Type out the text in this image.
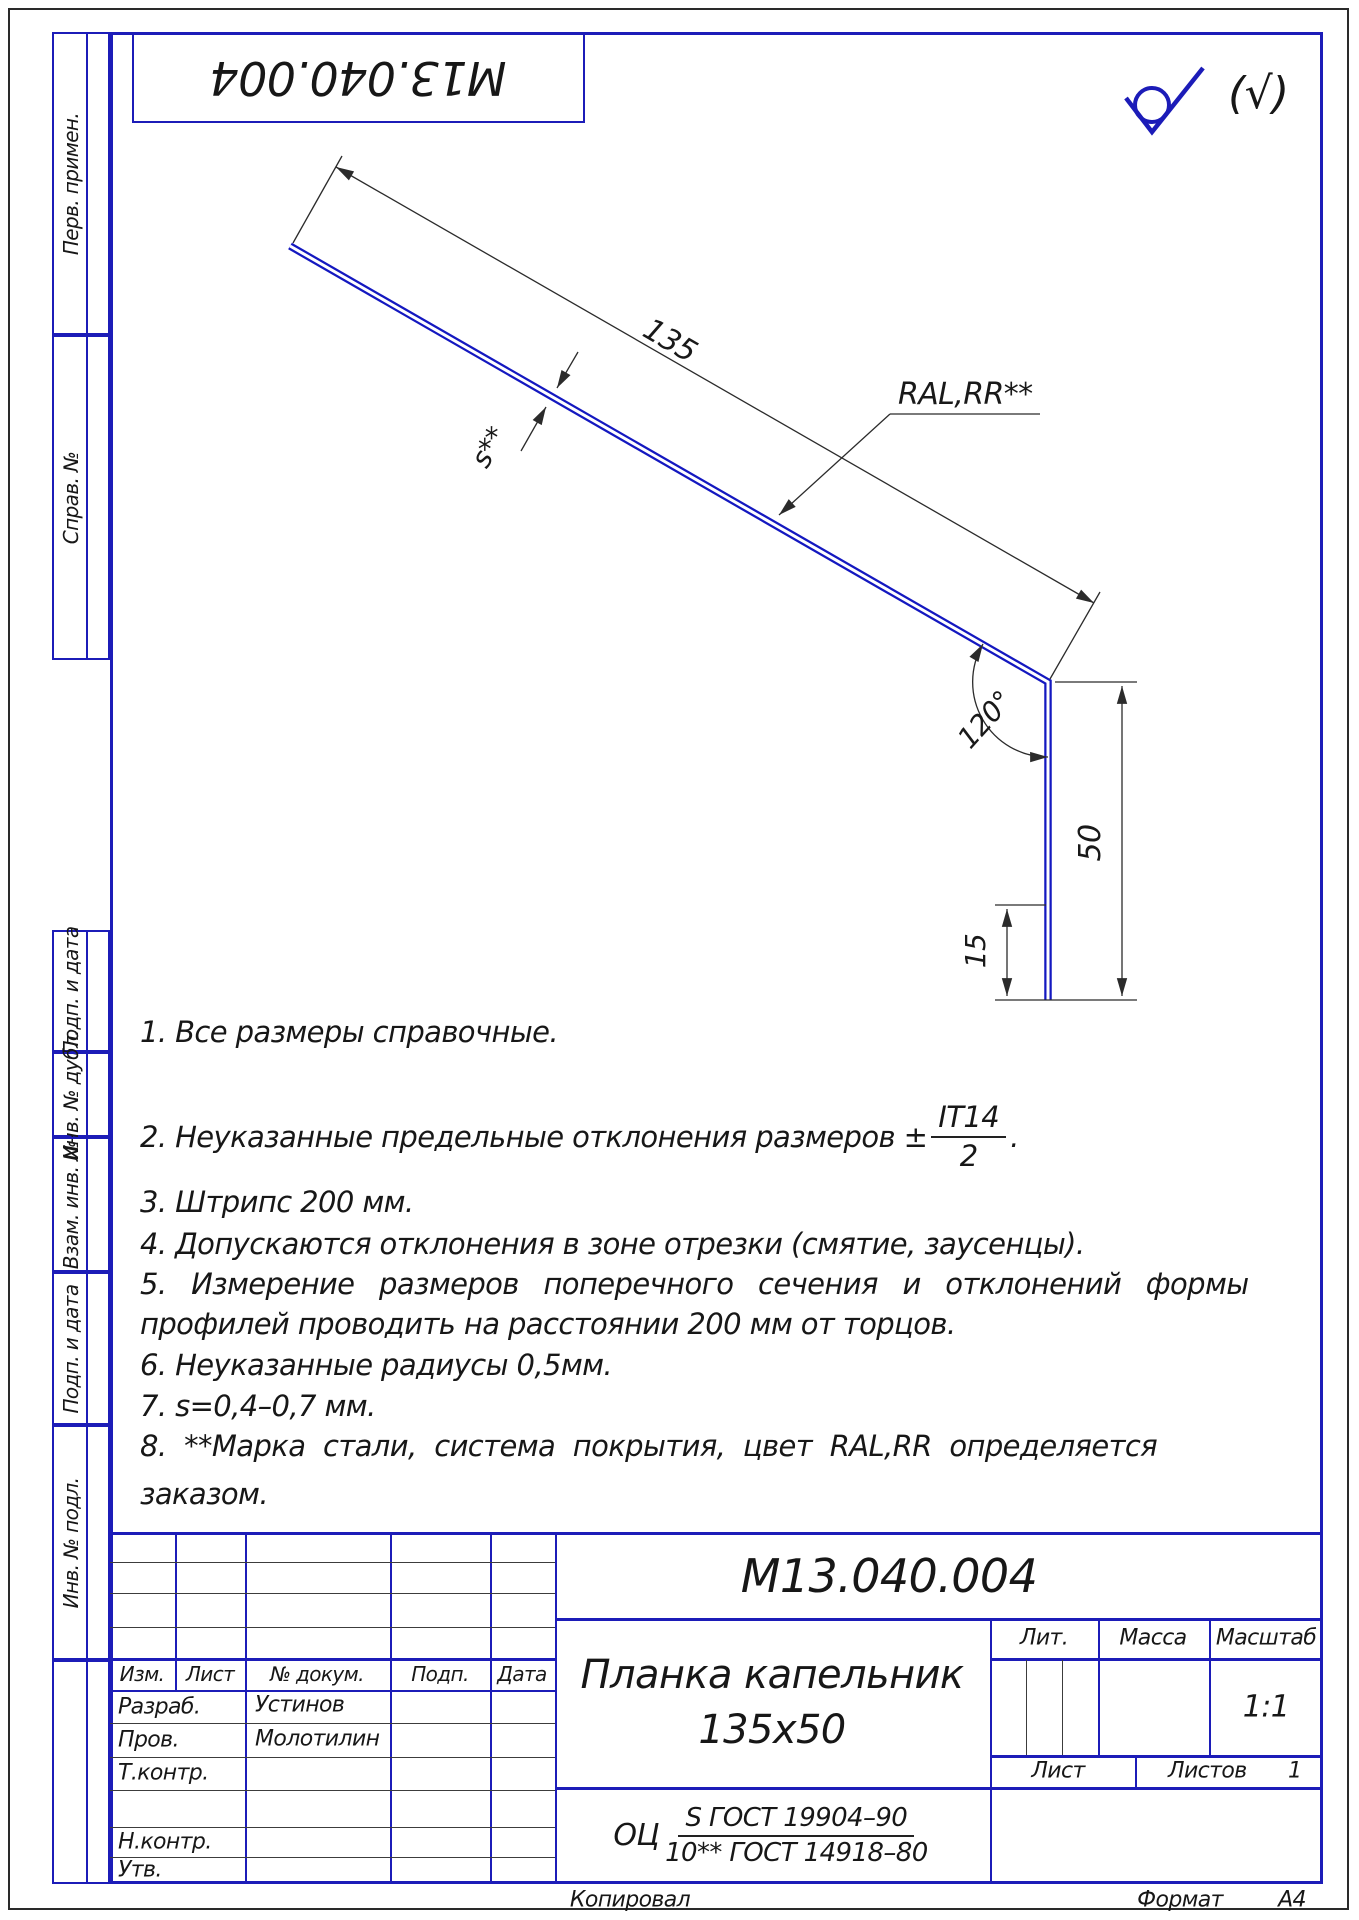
М13.040.004	(√)
Перв. примен.
Справ. №
Подп. и дата
Инв. № дубл.
Взам. инв. №
Подп. и дата
Инв. № подл.
135
s**
RAL,RR**
120°
50
15
1. Все размеры справочные.
2. Неуказанные предельные отклонения размеров ± $\frac{IT14}{2}$ .
3. Штрипс 200 мм.
4. Допускаются отклонения в зоне отрезки (смятие, заусенцы).
5. Измерение размеров поперечного сечения и отклонений формы
профилей проводить на расстоянии 200 мм от торцов.
6. Неуказанные радиусы 0,5мм.
7. s=0,4–0,7 мм.
8. **Марка стали, система покрытия, цвет RAL,RR определяется
заказом.
Изм. Лист № докум. Подп. Дата
Разраб. Устинов
Пров.	Молотилин
Т.контр.
Н.контр.
Утв.
М13.040.004
Планка капельник
135х50
Лит. Масса Масштаб
1:1
Лист	Листов 1
ОЦ $\frac{\text{S ГОСТ 19904–90}}{\text{10** ГОСТ 14918–80}}$
Копировал	Формат	А4
